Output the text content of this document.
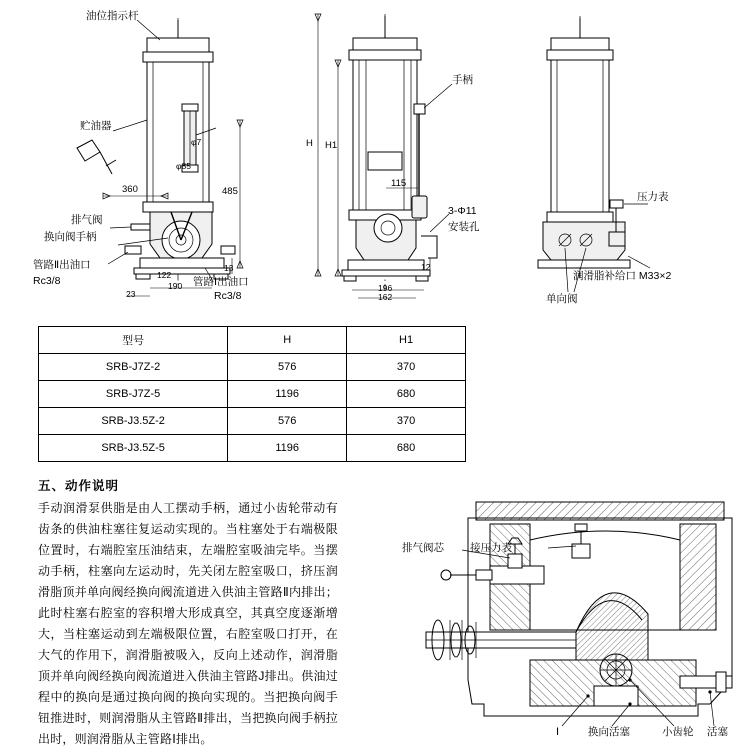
油位指示杆
贮油器
排气阀
换向阀手柄
管路Ⅱ出油口
Rc3/8	管路Ⅰ出油口
Rc3/8
360	485
φ7
φ85
13
190
122
23
手柄
3-Φ11
安装孔
H H1
115
12
196
162
压力表
润滑脂补给口 M33×2
单向阀
型号	H	H1
SRB-J7Z-2	576	370
SRB-J7Z-5	1196	680
SRB-J3.5Z-2	576	370
SRB-J3.5Z-5	1196	680
五、动作说明
手动润滑泵供脂是由人工摆动手柄，通过小齿轮带动有齿条的供油柱塞往复运动实现的。当柱塞处于右端极限位置时，右端腔室压油结束，左端腔室吸油完毕。当摆动手柄，柱塞向左运动时，先关闭左腔室吸口，挤压润滑脂顶并单向阀经换向阀流道进入供油主管路Ⅱ内排出；此时柱塞右腔室的容积增大形成真空，其真空度逐渐增大，当柱塞运动到左端极限位置，右腔室吸口打开，在大气的作用下，润滑脂被吸入，反向上述动作，润滑脂顶并单向阀经换向阀流道进入供油主管路J排出。供油过程中的换向是通过换向阀的换向实现的。当把换向阀手钮推进时，则润滑脂从主管路Ⅱ排出，当把换向阀手柄拉出时，则润滑脂从主管路Ⅰ排出。
排气阀芯 接压力表
Ⅰ	换向活塞	小齿轮 活塞
